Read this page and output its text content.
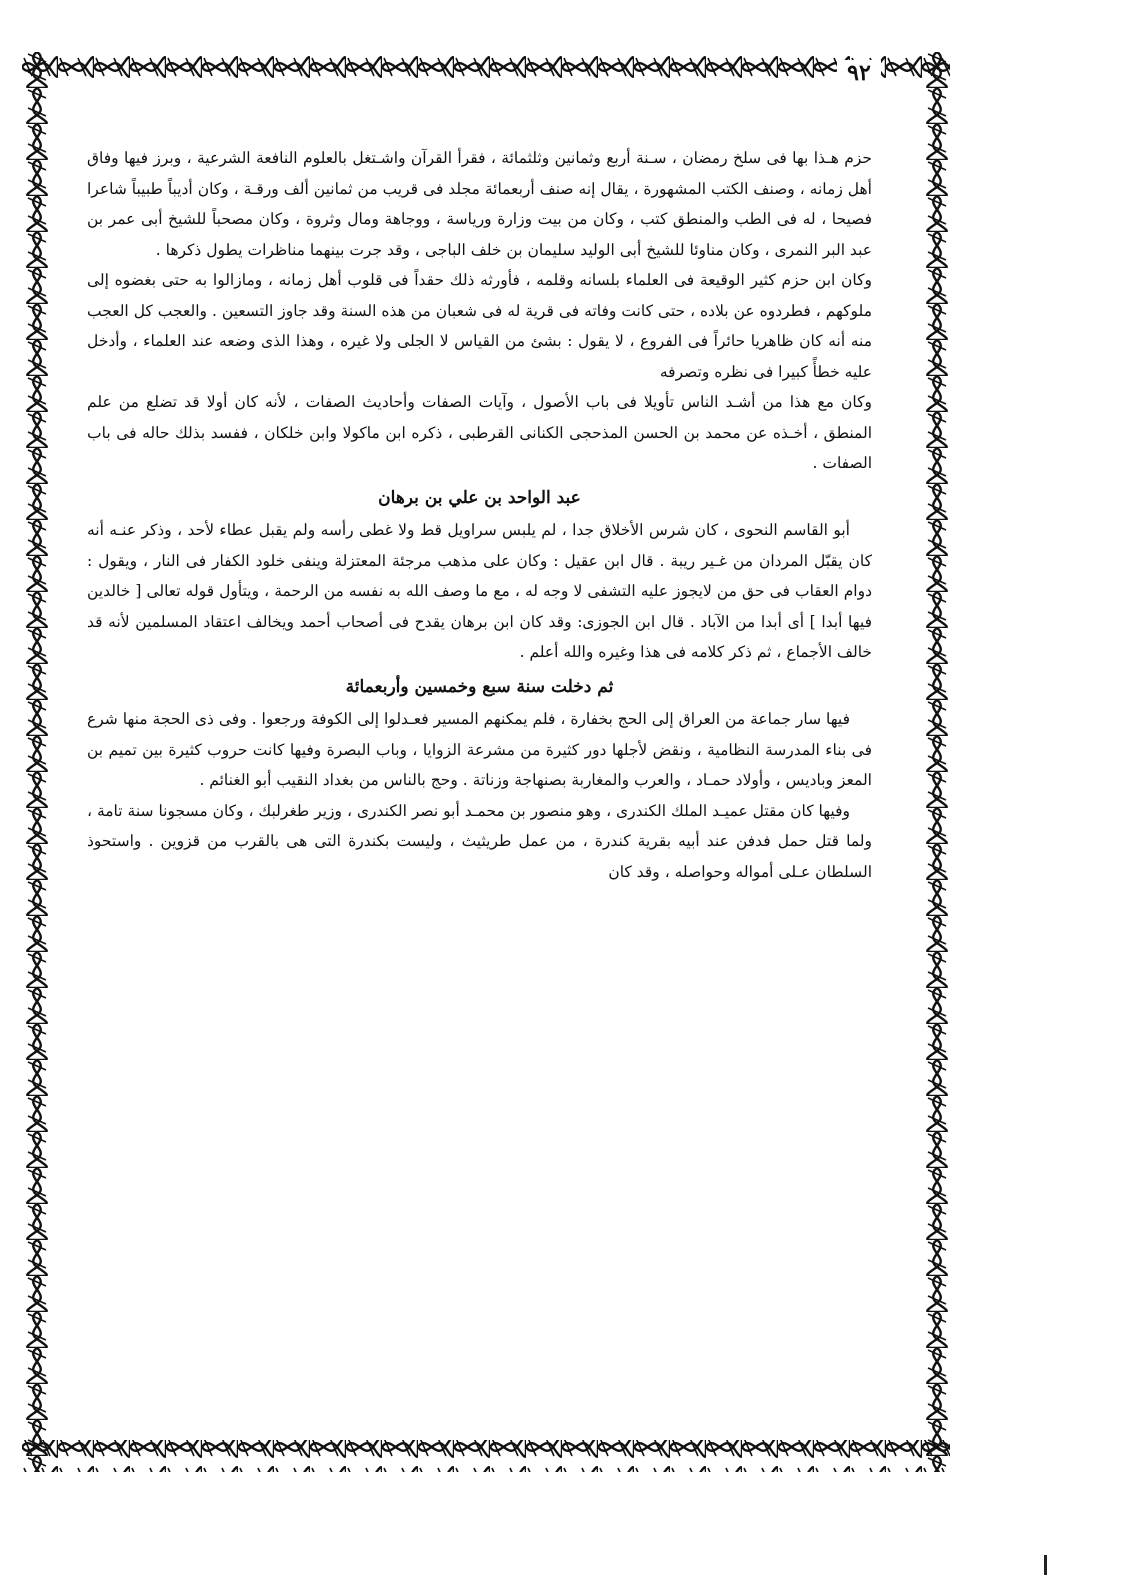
٩٢

حزم هـذا بها فى سلخ رمضان ، سـنة أربع وثمانين وثلثمائة ، فقرأ القرآن واشـتغل بالعلوم النافعة الشرعية ، وبرز فيها وفاق أهل زمانه ، وصنف الكتب المشهورة ، يقال إنه صنف أربعمائة مجلد فى قريب من ثمانين ألف ورقـة ، وكان أديباً طبيباً شاعرا فصيحا ، له فى الطب والمنطق كتب ، وكان من بيت وزارة ورياسة ، ووجاهة ومال وثروة ، وكان مصحباً للشيخ أبى عمر بن عبد البر النمرى ، وكان مناوئا للشيخ أبى الوليد سليمان بن خلف الباجى ، وقد جرت بينهما مناظرات يطول ذكرها .

وكان ابن حزم كثير الوقيعة فى العلماء بلسانه وقلمه ، فأورثه ذلك حقداً فى قلوب أهل زمانه ، ومازالوا به حتى بغضوه إلى ملوكهم ، فطردوه عن بلاده ، حتى كانت وفاته فى قرية له فى شعبان من هذه السنة وقد جاوز التسعين . والعجب كل العجب منه أنه كان ظاهريا حائراً فى الفروع ، لا يقول : بشئ من القياس لا الجلى ولا غيره ، وهذا الذى وضعه عند العلماء ، وأدخل عليه خطأً كبيرا فى نظره وتصرفه

وكان مع هذا من أشـد الناس تأويلا فى باب الأصول ، وآيات الصفات وأحاديث الصفات ، لأنه كان أولا قد تضلع من علم المنطق ، أخـذه عن محمد بن الحسن المذحجى الكنانى القرطبى ، ذكره ابن ماكولا وابن خلكان ، ففسد بذلك حاله فى باب الصفات .

عبد الواحد بن علي بن برهان

أبو القاسم النحوى ، كان شرس الأخلاق جدا ، لم يلبس سراويل قط ولا غطى رأسه ولم يقبل عطاء لأحد ، وذكر عنـه أنه كان يقبّل المردان من غـير ريبة . قال ابن عقيل : وكان على مذهب مرجئة المعتزلة وينفى خلود الكفار فى النار ، ويقول : دوام العقاب فى حق من لايجوز عليه التشفى لا وجه له ، مع ما وصف الله به نفسه من الرحمة ، ويتأول قوله تعالى [ خالدين فيها أبدا ] أى أبدا من الآباد . قال ابن الجوزى: وقد كان ابن برهان يقدح فى أصحاب أحمد ويخالف اعتقاد المسلمين لأنه قد خالف الأجماع ، ثم ذكر كلامه فى هذا وغيره والله أعلم .

ثم دخلت سنة سبع وخمسين وأربعمائة

فيها سار جماعة من العراق إلى الحج بخفارة ، فلم يمكنهم المسير فعـدلوا إلى الكوفة ورجعوا . وفى ذى الحجة منها شرع فى بناء المدرسة النظامية ، ونقض لأجلها دور كثيرة من مشرعة الزوايا ، وباب البصرة وفيها كانت حروب كثيرة بين تميم بن المعز وباديس ، وأولاد حمـاد ، والعرب والمغاربة بصنهاجة وزناتة . وحج بالناس من بغداد النقيب أبو الغنائم .

وفيها كان مقتل عميـد الملك الكندرى ، وهو منصور بن محمـد أبو نصر الكندرى ، وزير طغرلبك ، وكان مسجونا سنة تامة ، ولما قتل حمل فدفن عند أبيه بقرية كندرة ، من عمل طريثيث ، وليست بكندرة التى هى بالقرب من قزوين . واستحوذ السلطان عـلى أمواله وحواصله ، وقد كان
